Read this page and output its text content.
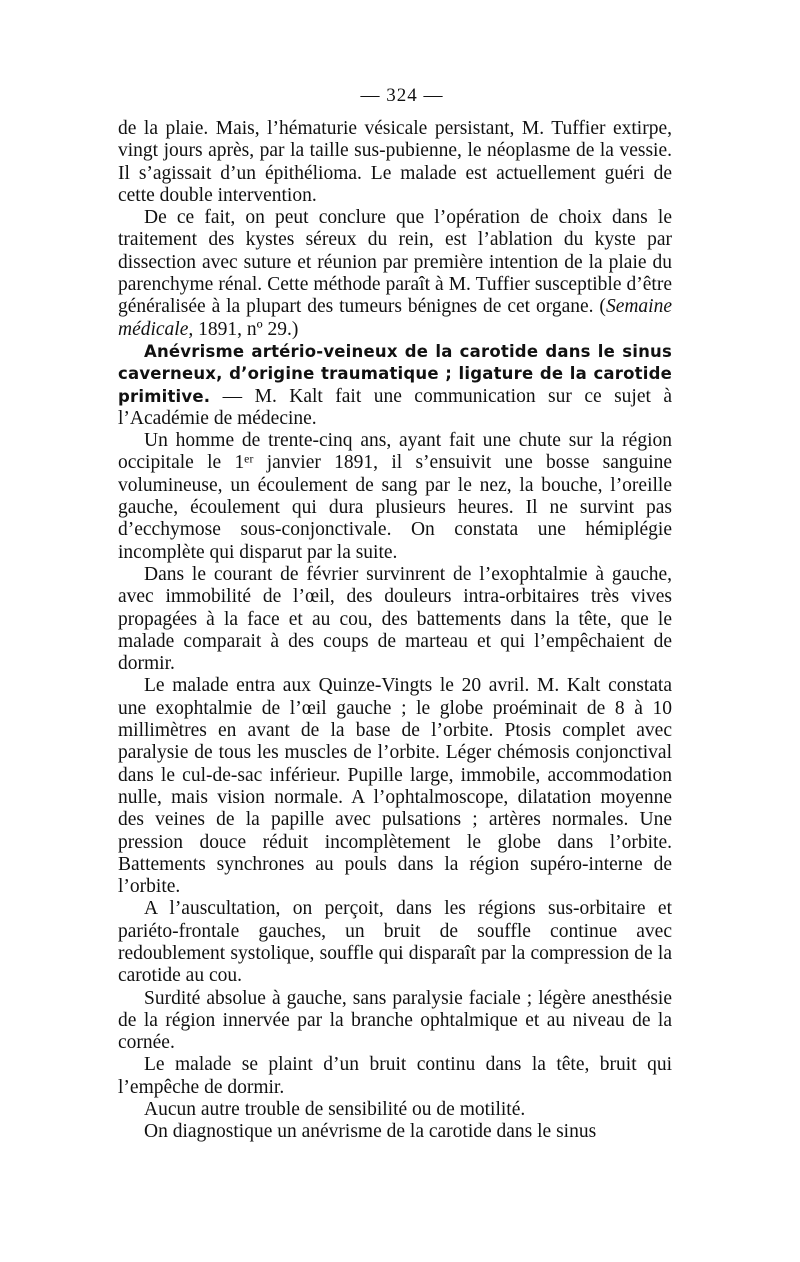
— 324 —

de la plaie. Mais, l’hématurie vésicale persistant, M. Tuffier extirpe, vingt jours après, par la taille sus-pubienne, le néoplasme de la vessie. Il s’agissait d’un épithélioma. Le malade est actuellement guéri de cette double intervention.

De ce fait, on peut conclure que l’opération de choix dans le traitement des kystes séreux du rein, est l’ablation du kyste par dissection avec suture et réunion par première intention de la plaie du parenchyme rénal. Cette méthode paraît à M. Tuffier susceptible d’être généralisée à la plupart des tumeurs bénignes de cet organe. (Semaine médicale, 1891, nº 29.)

Anévrisme artério-veineux de la carotide dans le sinus caverneux, d’origine traumatique ; ligature de la carotide primitive. — M. Kalt fait une communication sur ce sujet à l’Académie de médecine.

Un homme de trente-cinq ans, ayant fait une chute sur la région occipitale le 1ᵉʳ janvier 1891, il s’ensuivit une bosse sanguine volumineuse, un écoulement de sang par le nez, la bouche, l’oreille gauche, écoulement qui dura plusieurs heures. Il ne survint pas d’ecchymose sous-conjonctivale. On constata une hémiplégie incomplète qui disparut par la suite.

Dans le courant de février survinrent de l’exophtalmie à gauche, avec immobilité de l’œil, des douleurs intra-orbitaires très vives propagées à la face et au cou, des battements dans la tête, que le malade comparait à des coups de marteau et qui l’empêchaient de dormir.

Le malade entra aux Quinze-Vingts le 20 avril. M. Kalt constata une exophtalmie de l’œil gauche ; le globe proéminait de 8 à 10 millimètres en avant de la base de l’orbite. Ptosis complet avec paralysie de tous les muscles de l’orbite. Léger chémosis conjonctival dans le cul-de-sac inférieur. Pupille large, immobile, accommodation nulle, mais vision normale. A l’ophtalmoscope, dilatation moyenne des veines de la papille avec pulsations ; artères normales. Une pression douce réduit incomplètement le globe dans l’orbite. Battements synchrones au pouls dans la région supéro-interne de l’orbite.

A l’auscultation, on perçoit, dans les régions sus-orbitaire et pariéto-frontale gauches, un bruit de souffle continue avec redoublement systolique, souffle qui disparaît par la compression de la carotide au cou.

Surdité absolue à gauche, sans paralysie faciale ; légère anesthésie de la région innervée par la branche ophtalmique et au niveau de la cornée.

Le malade se plaint d’un bruit continu dans la tête, bruit qui l’empêche de dormir.

Aucun autre trouble de sensibilité ou de motilité.

On diagnostique un anévrisme de la carotide dans le sinus
